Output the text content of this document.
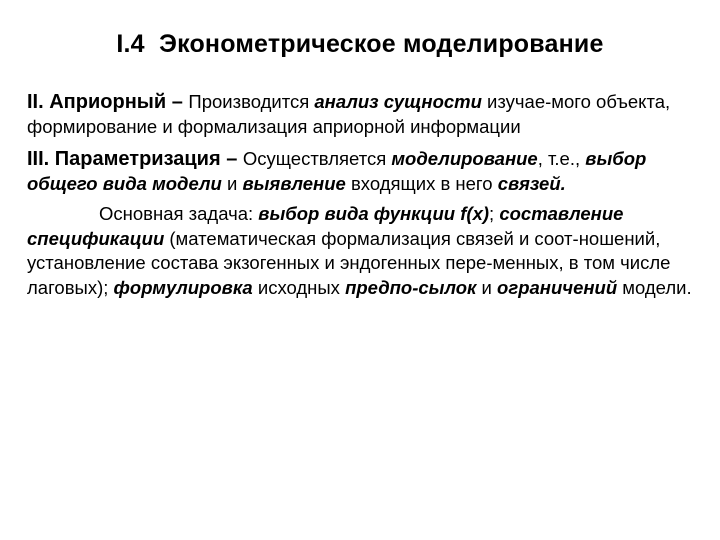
I.4  Эконометрическое моделирование

II. Априорный – Производится анализ сущности изучае-мого объекта, формирование и формализация априорной информации

III. Параметризация – Осуществляется моделирование, т.е., выбор общего вида модели и выявление входящих в него связей.

Основная задача: выбор вида функции f(x); составление спецификации (математическая формализация связей и соот-ношений, установление состава экзогенных и эндогенных пере-менных, в том числе лаговых); формулировка исходных предпо-сылок и ограничений модели.
